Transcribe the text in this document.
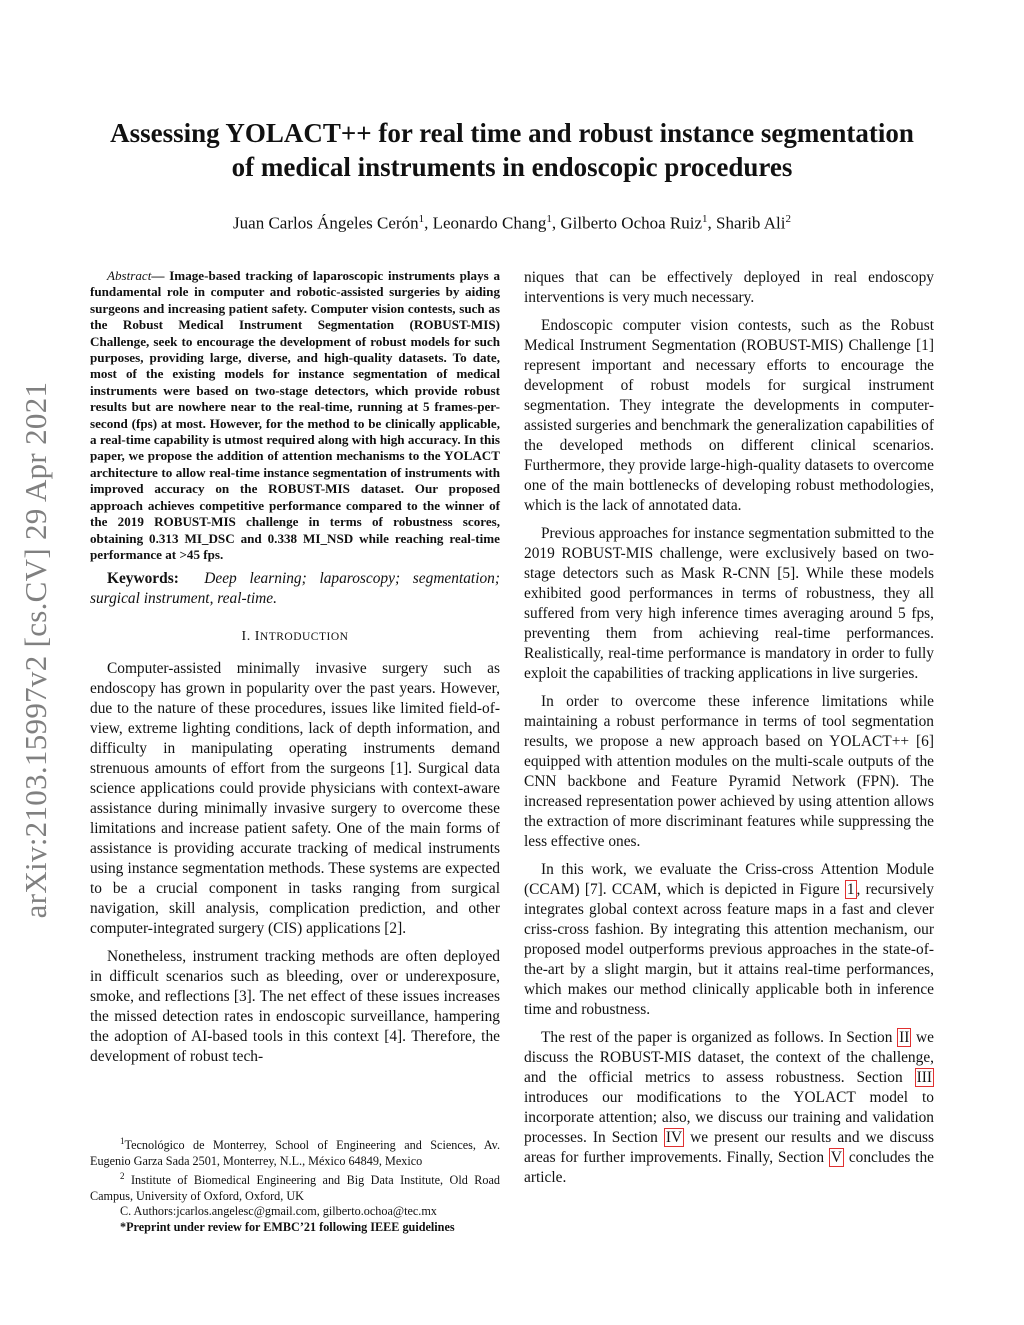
Assessing YOLACT++ for real time and robust instance segmentation
of medical instruments in endoscopic procedures
Juan Carlos Ángeles Cerón$^1$, Leonardo Chang$^1$, Gilberto Ochoa Ruiz$^1$, Sharib Ali$^2$
arXiv:2103.15997v2 [cs.CV] 29 Apr 2021

Abstract— Image-based tracking of laparoscopic instruments plays a fundamental role in computer and robotic-assisted surgeries by aiding surgeons and increasing patient safety. Computer vision contests, such as the Robust Medical Instrument Segmentation (ROBUST-MIS) Challenge, seek to encourage the development of robust models for such purposes, providing large, diverse, and high-quality datasets. To date, most of the existing models for instance segmentation of medical instruments were based on two-stage detectors, which provide robust results but are nowhere near to the real-time, running at 5 frames-per-second (fps) at most. However, for the method to be clinically applicable, a real-time capability is utmost required along with high accuracy. In this paper, we propose the addition of attention mechanisms to the YOLACT architecture to allow real-time instance segmentation of instruments with improved accuracy on the ROBUST-MIS dataset. Our proposed approach achieves competitive performance compared to the winner of the 2019 ROBUST-MIS challenge in terms of robustness scores, obtaining 0.313 MI_DSC and 0.338 MI_NSD while reaching real-time performance at >45 fps.

Keywords: Deep learning; laparoscopy; segmentation; surgical instrument, real-time.

I. INTRODUCTION

Computer-assisted minimally invasive surgery such as endoscopy has grown in popularity over the past years. However, due to the nature of these procedures, issues like limited field-of-view, extreme lighting conditions, lack of depth information, and difficulty in manipulating operating instruments demand strenuous amounts of effort from the surgeons [1]. Surgical data science applications could provide physicians with context-aware assistance during minimally invasive surgery to overcome these limitations and increase patient safety. One of the main forms of assistance is providing accurate tracking of medical instruments using instance segmentation methods. These systems are expected to be a crucial component in tasks ranging from surgical navigation, skill analysis, complication prediction, and other computer-integrated surgery (CIS) applications [2].

Nonetheless, instrument tracking methods are often deployed in difficult scenarios such as bleeding, over or underexposure, smoke, and reflections [3]. The net effect of these issues increases the missed detection rates in endoscopic surveillance, hampering the adoption of AI-based tools in this context [4]. Therefore, the development of robust tech-

$^1$Tecnológico de Monterrey, School of Engineering and Sciences, Av. Eugenio Garza Sada 2501, Monterrey, N.L., México 64849, Mexico
$^2$ Institute of Biomedical Engineering and Big Data Institute, Old Road Campus, University of Oxford, Oxford, UK
C. Authors:jcarlos.angelesc@gmail.com, gilberto.ochoa@tec.mx
*Preprint under review for EMBC’21 following IEEE guidelines

niques that can be effectively deployed in real endoscopy interventions is very much necessary.

Endoscopic computer vision contests, such as the Robust Medical Instrument Segmentation (ROBUST-MIS) Challenge [1] represent important and necessary efforts to encourage the development of robust models for surgical instrument segmentation. They integrate the developments in computer-assisted surgeries and benchmark the generalization capabilities of the developed methods on different clinical scenarios. Furthermore, they provide large-high-quality datasets to overcome one of the main bottlenecks of developing robust methodologies, which is the lack of annotated data.

Previous approaches for instance segmentation submitted to the 2019 ROBUST-MIS challenge, were exclusively based on two-stage detectors such as Mask R-CNN [5]. While these models exhibited good performances in terms of robustness, they all suffered from very high inference times averaging around 5 fps, preventing them from achieving real-time performances. Realistically, real-time performance is mandatory in order to fully exploit the capabilities of tracking applications in live surgeries.

In order to overcome these inference limitations while maintaining a robust performance in terms of tool segmentation results, we propose a new approach based on YOLACT++ [6] equipped with attention modules on the multi-scale outputs of the CNN backbone and Feature Pyramid Network (FPN). The increased representation power achieved by using attention allows the extraction of more discriminant features while suppressing the less effective ones.

In this work, we evaluate the Criss-cross Attention Module (CCAM) [7]. CCAM, which is depicted in Figure 1 , recursively integrates global context across feature maps in a fast and clever criss-cross fashion. By integrating this attention mechanism, our proposed model outperforms previous approaches in the state-of-the-art by a slight margin, but it attains real-time performances, which makes our method clinically applicable both in inference time and robustness.

The rest of the paper is organized as follows. In Section II we discuss the ROBUST-MIS dataset, the context of the challenge, and the official metrics to assess robustness. Section III introduces our modifications to the YOLACT model to incorporate attention; also, we discuss our training and validation processes. In Section IV we present our results and we discuss areas for further improvements. Finally, Section V concludes the article.
